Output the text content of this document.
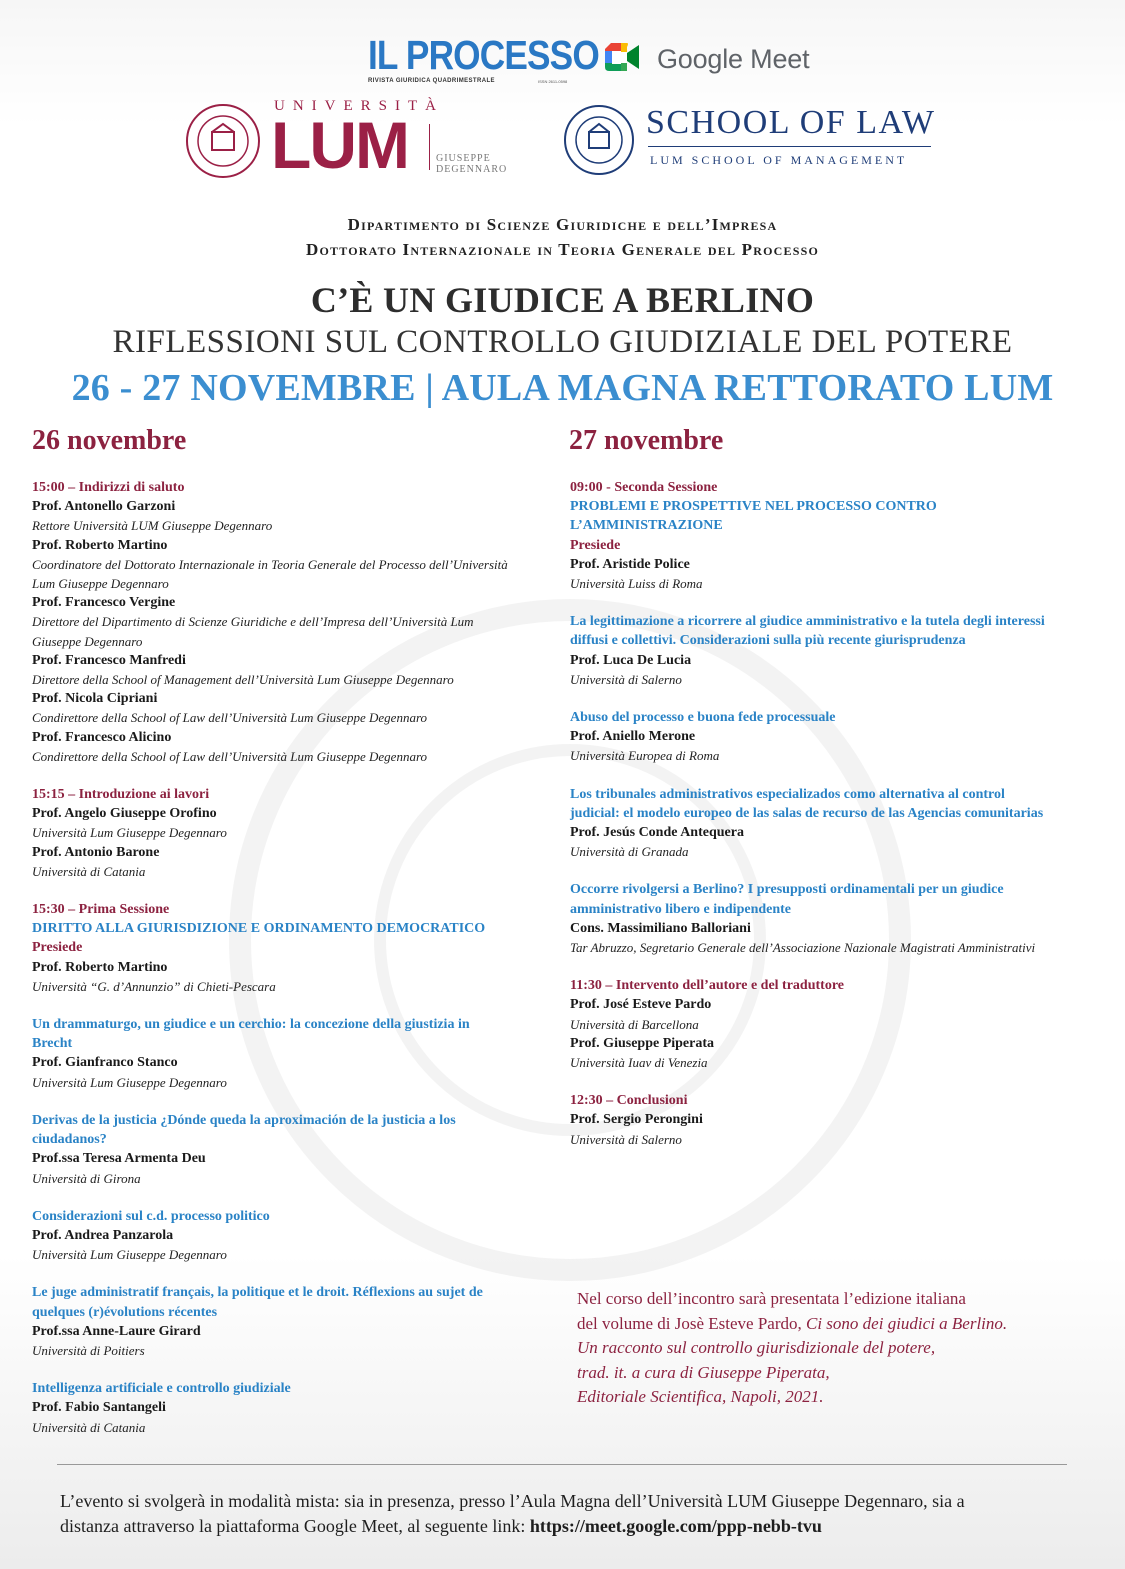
IL PROCESSO
RIVISTA GIURIDICA QUADRIMESTRALE	ISSN 2611-0598
Google Meet
UNIVERSITÀ
LUM	GIUSEPPE
DEGENNARO
SCHOOL OF LAW
LUM SCHOOL OF MANAGEMENT
Dipartimento di Scienze Giuridiche e dell’Impresa
Dottorato Internazionale in Teoria Generale del Processo
C’È UN GIUDICE A BERLINO
RIFLESSIONI SUL CONTROLLO GIUDIZIALE DEL POTERE
26 - 27 NOVEMBRE | AULA MAGNA RETTORATO LUM
26 novembre	27 novembre
15:00 – Indirizzi di saluto
Prof. Antonello Garzoni
Rettore Università LUM Giuseppe Degennaro
Prof. Roberto Martino
Coordinatore del Dottorato Internazionale in Teoria Generale del Processo dell’Università
Lum Giuseppe Degennaro
Prof. Francesco Vergine
Direttore del Dipartimento di Scienze Giuridiche e dell’Impresa dell’Università Lum
Giuseppe Degennaro
Prof. Francesco Manfredi
Direttore della School of Management dell’Università Lum Giuseppe Degennaro
Prof. Nicola Cipriani
Condirettore della School of Law dell’Università Lum Giuseppe Degennaro
Prof. Francesco Alicino
Condirettore della School of Law dell’Università Lum Giuseppe Degennaro
15:15 – Introduzione ai lavori
Prof. Angelo Giuseppe Orofino
Università Lum Giuseppe Degennaro
Prof. Antonio Barone
Università di Catania
15:30 – Prima Sessione
DIRITTO ALLA GIURISDIZIONE E ORDINAMENTO DEMOCRATICO
Presiede
Prof. Roberto Martino
Università “G. d’Annunzio” di Chieti-Pescara
Un drammaturgo, un giudice e un cerchio: la concezione della giustizia in
Brecht
Prof. Gianfranco Stanco
Università Lum Giuseppe Degennaro
Derivas de la justicia ¿Dónde queda la aproximación de la justicia a los
ciudadanos?
Prof.ssa Teresa Armenta Deu
Università di Girona
Considerazioni sul c.d. processo politico
Prof. Andrea Panzarola
Università Lum Giuseppe Degennaro
Le juge administratif français, la politique et le droit. Réflexions au sujet de
quelques (r)évolutions récentes
Prof.ssa Anne-Laure Girard
Università di Poitiers
Intelligenza artificiale e controllo giudiziale
Prof. Fabio Santangeli
Università di Catania
09:00 - Seconda Sessione
PROBLEMI E PROSPETTIVE NEL PROCESSO CONTRO
L’AMMINISTRAZIONE
Presiede
Prof. Aristide Police
Università Luiss di Roma
La legittimazione a ricorrere al giudice amministrativo e la tutela degli interessi
diffusi e collettivi. Considerazioni sulla più recente giurisprudenza
Prof. Luca De Lucia
Università di Salerno
Abuso del processo e buona fede processuale
Prof. Aniello Merone
Università Europea di Roma
Los tribunales administrativos especializados como alternativa al control
judicial: el modelo europeo de las salas de recurso de las Agencias comunitarias
Prof. Jesús Conde Antequera
Università di Granada
Occorre rivolgersi a Berlino? I presupposti ordinamentali per un giudice
amministrativo libero e indipendente
Cons. Massimiliano Balloriani
Tar Abruzzo, Segretario Generale dell’Associazione Nazionale Magistrati Amministrativi
11:30 – Intervento dell’autore e del traduttore
Prof. José Esteve Pardo
Università di Barcellona
Prof. Giuseppe Piperata
Università Iuav di Venezia
12:30 – Conclusioni
Prof. Sergio Perongini
Università di Salerno
Nel corso dell’incontro sarà presentata l’edizione italiana
del volume di Josè Esteve Pardo, Ci sono dei giudici a Berlino.
Un racconto sul controllo giurisdizionale del potere,
trad. it. a cura di Giuseppe Piperata,
Editoriale Scientifica, Napoli, 2021.
L’evento si svolgerà in modalità mista: sia in presenza, presso l’Aula Magna dell’Università LUM Giuseppe Degennaro, sia a
distanza attraverso la piattaforma Google Meet, al seguente link: https://meet.google.com/ppp-nebb-tvu
